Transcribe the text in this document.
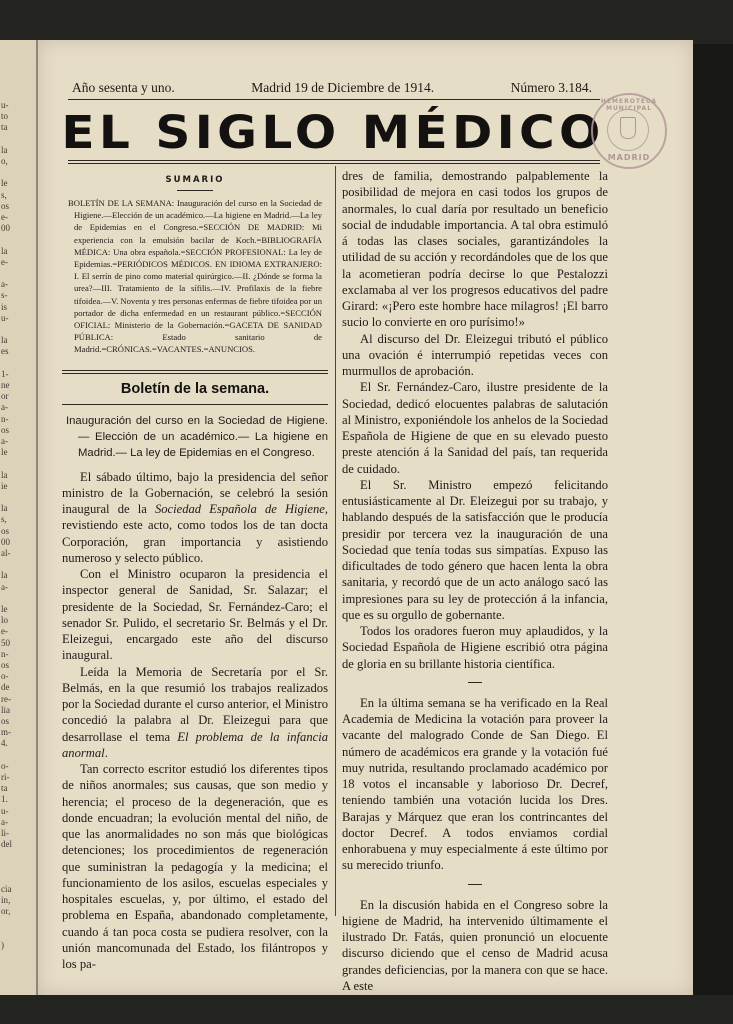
u-
to
ta
la
o,
le
s,
os
e-
00
la
e-
a-
s-
is
u-
la
es
1-
ne
or
a-
n-
os
a-
le
la
ie
la
s,
os
00
al-
la
a-
le
lo
e-
50
n-
os
o-
de
re-
lia
os
m-
4.
o-
ri-
ta
1.
u-
a-
li-
del
cia
in,
or,
)
Año sesenta y uno.	Madrid 19 de Diciembre de 1914.	Número 3.184.
EL SIGLO MÉDICO
HEMEROTECA MUNICIPAL
MADRID
SUMARIO

BOLETÍN DE LA SEMANA: Inauguración del curso en la Sociedad de Higiene.—Elección de un académico.—La higiene en Madrid.—La ley de Epidemias en el Congreso.=SECCIÓN DE MADRID: Mi experiencia con la emulsión bacilar de Koch.=BIBLIOGRAFÍA MÉDICA: Una obra española.=SECCIÓN PROFESIONAL: La ley de Epidemias.=PERIÓDICOS MÉDICOS. EN IDIOMA EXTRANJERO: I. El serrín de pino como material quirúrgico.—II. ¿Dónde se forma la urea?—III. Tratamiento de la sífilis.—IV. Profilaxis de la fiebre tifoidea.—V. Noventa y tres personas enfermas de fiebre tifoidea por un portador de dicha enfermedad en un restaurant público.=SECCIÓN OFICIAL: Ministerio de la Gobernación.=GACETA DE SANIDAD PÚBLICA: Estado sanitario de Madrid.=CRÓNICAS.=VACANTES.=ANUNCIOS.

Boletín de la semana.
Inauguración del curso en la Sociedad de Higiene.— Elección de un académico.— La higiene en Madrid.— La ley de Epidemias en el Congreso.

El sábado último, bajo la presidencia del señor ministro de la Gobernación, se celebró la sesión inaugural de la Sociedad Española de Higiene, revistiendo este acto, como todos los de tan docta Corporación, gran importancia y asistiendo numeroso y selecto público.

Con el Ministro ocuparon la presidencia el inspector general de Sanidad, Sr. Salazar; el presidente de la Sociedad, Sr. Fernández-Caro; el senador Sr. Pulido, el secretario Sr. Belmás y el Dr. Eleizegui, encargado este año del discurso inaugural.

Leída la Memoria de Secretaría por el Sr. Belmás, en la que resumió los trabajos realizados por la Sociedad durante el curso anterior, el Ministro concedió la palabra al Dr. Eleizegui para que desarrollase el tema El problema de la infancia anormal.

Tan correcto escritor estudió los diferentes tipos de niños anormales; sus causas, que son medio y herencia; el proceso de la degeneración, que es donde encuadran; la evolución mental del niño, de que las anormalidades no son más que biológicas detenciones; los procedimientos de regeneración que suministran la pedagogía y la medicina; el funcionamiento de los asilos, escuelas especiales y hospitales escuelas, y, por último, el estado del problema en España, abandonado completamente, cuando á tan poca costa se pudiera resolver, con la unión mancomunada del Estado, los filántropos y los pa-

dres de familia, demostrando palpablemente la posibilidad de mejora en casi todos los grupos de anormales, lo cual daría por resultado un beneficio social de indudable importancia. A tal obra estimuló á todas las clases sociales, garantizándoles la utilidad de su acción y recordándoles que de los que la acometieran podría decirse lo que Pestalozzi exclamaba al ver los progresos educativos del padre Girard: «¡Pero este hombre hace milagros! ¡El barro sucio lo convierte en oro purísimo!»

Al discurso del Dr. Eleizegui tributó el público una ovación é interrumpió repetidas veces con murmullos de aprobación.

El Sr. Fernández-Caro, ilustre presidente de la Sociedad, dedicó elocuentes palabras de salutación al Ministro, exponiéndole los anhelos de la Sociedad Española de Higiene de que en su elevado puesto preste atención á la Sanidad del país, tan requerida de cuidado.

El Sr. Ministro empezó felicitando entusiásticamente al Dr. Eleizegui por su trabajo, y hablando después de la satisfacción que le producía presidir por tercera vez la inauguración de una Sociedad que tenía todas sus simpatías. Expuso las dificultades de todo género que hacen lenta la obra sanitaria, y recordó que de un acto análogo sacó las impresiones para su ley de protección á la infancia, que es su orgullo de gobernante.

Todos los oradores fueron muy aplaudidos, y la Sociedad Española de Higiene escribió otra página de gloria en su brillante historia científica.

En la última semana se ha verificado en la Real Academia de Medicina la votación para proveer la vacante del malogrado Conde de San Diego. El número de académicos era grande y la votación fué muy nutrida, resultando proclamado académico por 18 votos el incansable y laborioso Dr. Decref, teniendo también una votación lucida los Dres. Barajas y Márquez que eran los contrincantes del doctor Decref. A todos enviamos cordial enhorabuena y muy especialmente á este último por su merecido triunfo.

En la discusión habida en el Congreso sobre la higiene de Madrid, ha intervenido últimamente el ilustrado Dr. Fatás, quien pronunció un elocuente discurso diciendo que el censo de Madrid acusa grandes deficiencias, por la manera con que se hace. A este
